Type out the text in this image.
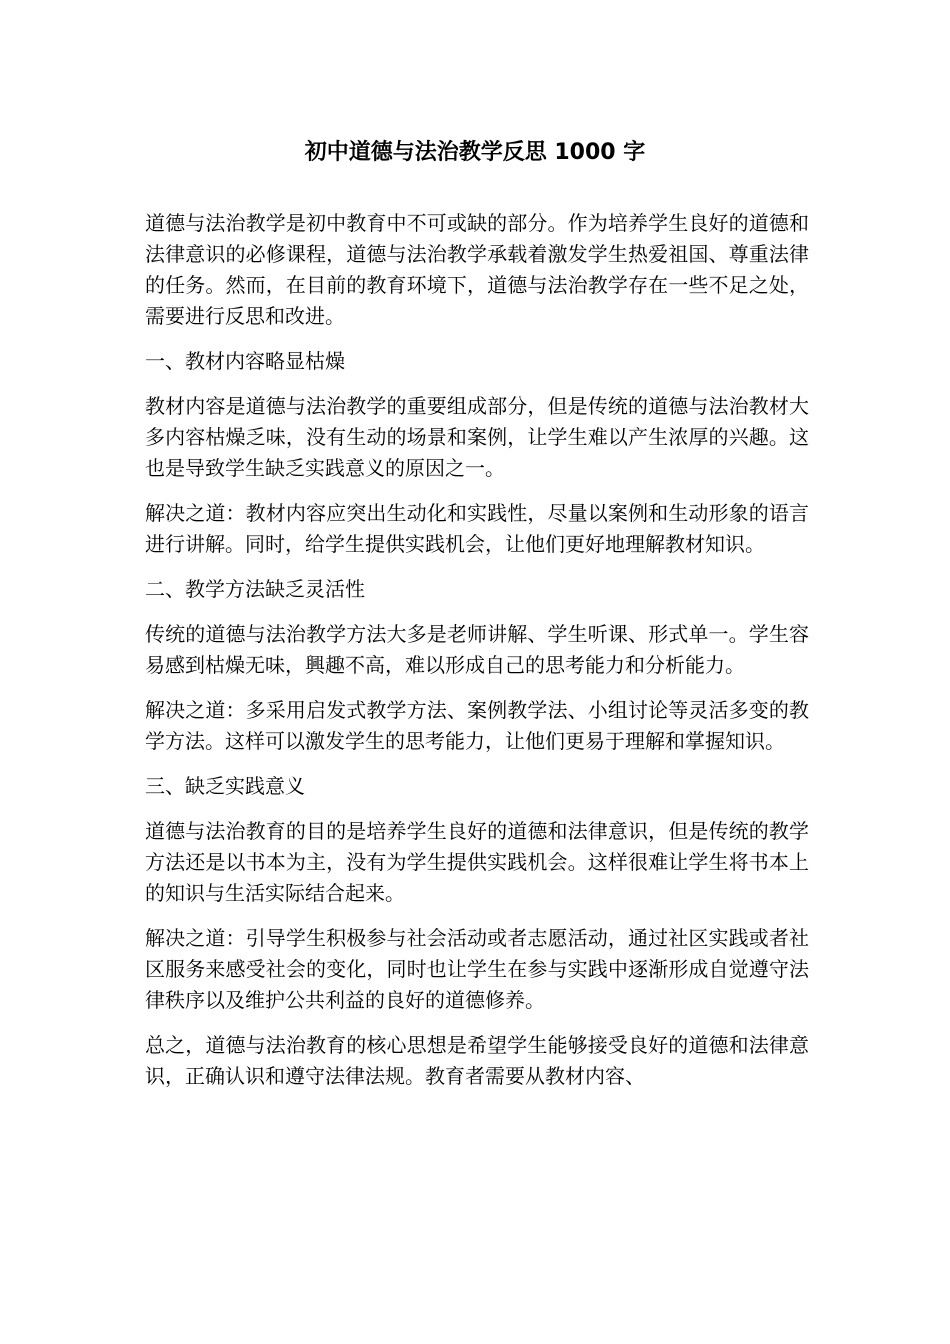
初中道德与法治教学反思 1000 字

道德与法治教学是初中教育中不可或缺的部分。作为培养学生良好的道德和法律意识的必修课程，道德与法治教学承载着激发学生热爱祖国、尊重法律的任务。然而，在目前的教育环境下，道德与法治教学存在一些不足之处，需要进行反思和改进。

一、教材内容略显枯燥

教材内容是道德与法治教学的重要组成部分，但是传统的道德与法治教材大多内容枯燥乏味，没有生动的场景和案例，让学生难以产生浓厚的兴趣。这也是导致学生缺乏实践意义的原因之一。

解决之道：教材内容应突出生动化和实践性，尽量以案例和生动形象的语言进行讲解。同时，给学生提供实践机会，让他们更好地理解教材知识。

二、教学方法缺乏灵活性

传统的道德与法治教学方法大多是老师讲解、学生听课、形式单一。学生容易感到枯燥无味，興趣不高，难以形成自己的思考能力和分析能力。

解决之道：多采用启发式教学方法、案例教学法、小组讨论等灵活多变的教学方法。这样可以激发学生的思考能力，让他们更易于理解和掌握知识。

三、缺乏实践意义

道德与法治教育的目的是培养学生良好的道德和法律意识，但是传统的教学方法还是以书本为主，没有为学生提供实践机会。这样很难让学生将书本上的知识与生活实际结合起来。

解决之道：引导学生积极参与社会活动或者志愿活动，通过社区实践或者社区服务来感受社会的变化，同时也让学生在参与实践中逐渐形成自觉遵守法律秩序以及维护公共利益的良好的道德修养。

总之，道德与法治教育的核心思想是希望学生能够接受良好的道德和法律意识，正确认识和遵守法律法规。教育者需要从教材内容、
